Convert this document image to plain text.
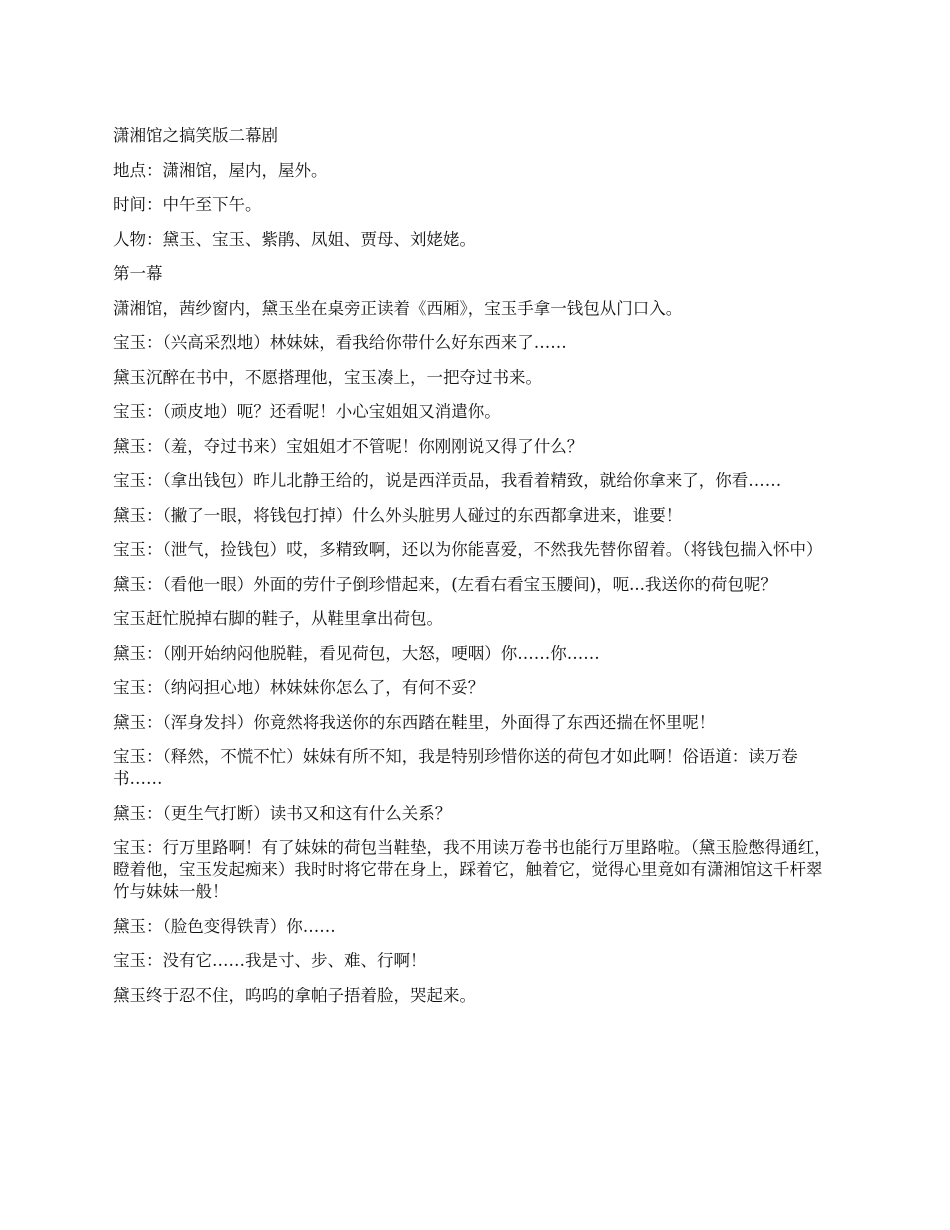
潇湘馆之搞笑版二幕剧

地点：潇湘馆，屋内，屋外。

时间：中午至下午。

人物：黛玉、宝玉、紫鹃、凤姐、贾母、刘姥姥。

第一幕

潇湘馆，茜纱窗内，黛玉坐在桌旁正读着《西厢》，宝玉手拿一钱包从门口入。

宝玉：（兴高采烈地）林妹妹，看我给你带什么好东西来了……

黛玉沉醉在书中，不愿搭理他，宝玉凑上，一把夺过书来。

宝玉：（顽皮地）呃？还看呢！小心宝姐姐又消遣你。

黛玉：（羞，夺过书来）宝姐姐才不管呢！你刚刚说又得了什么？

宝玉：（拿出钱包）昨儿北静王给的，说是西洋贡品，我看着精致，就给你拿来了，你看……

黛玉：（撇了一眼，将钱包打掉）什么外头脏男人碰过的东西都拿进来，谁要！

宝玉：（泄气，捡钱包）哎，多精致啊，还以为你能喜爱，不然我先替你留着。（将钱包揣入怀中）

黛玉：（看他一眼）外面的劳什子倒珍惜起来，(左看右看宝玉腰间)，呃...我送你的荷包呢？

宝玉赶忙脱掉右脚的鞋子，从鞋里拿出荷包。

黛玉：（刚开始纳闷他脱鞋，看见荷包，大怒，哽咽）你……你……

宝玉：（纳闷担心地）林妹妹你怎么了，有何不妥？

黛玉：（浑身发抖）你竟然将我送你的东西踏在鞋里，外面得了东西还揣在怀里呢！

宝玉：（释然，不慌不忙）妹妹有所不知，我是特别珍惜你送的荷包才如此啊！俗语道：读万卷书……

黛玉：（更生气打断）读书又和这有什么关系？

宝玉：行万里路啊！有了妹妹的荷包当鞋垫，我不用读万卷书也能行万里路啦。（黛玉脸憋得通红，瞪着他，宝玉发起痴来）我时时将它带在身上，踩着它，触着它，觉得心里竟如有潇湘馆这千杆翠竹与妹妹一般！

黛玉：（脸色变得铁青）你……

宝玉：没有它……我是寸、步、难、行啊！

黛玉终于忍不住，呜呜的拿帕子捂着脸，哭起来。
